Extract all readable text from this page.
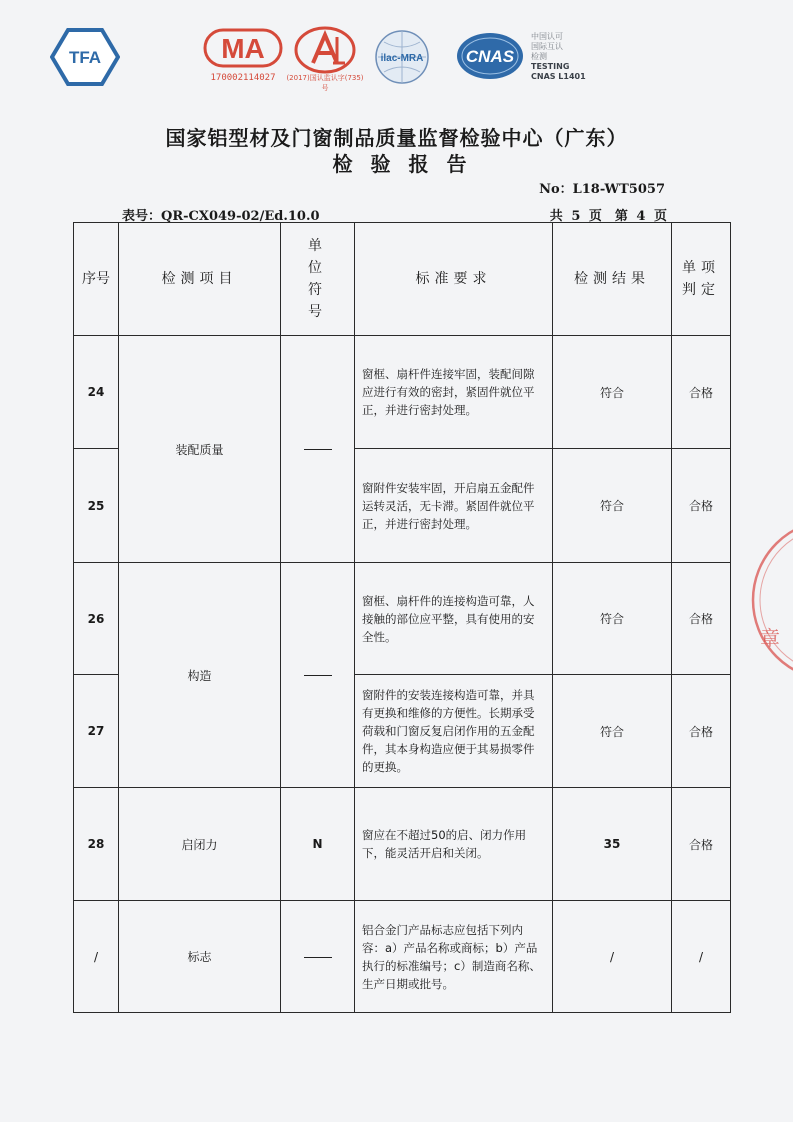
TFA	MA
170002114027	(2017)国认监认字(735)号
ilac-MRA	CNAS
中国认可
国际互认
检测
TESTING
CNAS L1401
国家铝型材及门窗制品质量监督检验中心（广东）
检验报告
No：L18-WT5057
表号：QR-CX049-02/Ed.10.0	共 5 页　第 4 页
序号	检测项目	单位符号	标准要求	检测结果	单项判定
24	装配质量		窗框、扇杆件连接牢固，装配间隙应进行有效的密封，紧固件就位平正，并进行密封处理。	符合	合格
25			窗附件安装牢固，开启扇五金配件运转灵活，无卡滞。紧固件就位平正，并进行密封处理。	符合	合格
26	构造		窗框、扇杆件的连接构造可靠，人接触的部位应平整，具有使用的安全性。	符合	合格
27			窗附件的安装连接构造可靠，并具有更换和维修的方便性。长期承受荷载和门窗反复启闭作用的五金配件，其本身构造应便于其易损零件的更换。	符合	合格
28	启闭力	N	窗应在不超过50的启、闭力作用下，能灵活开启和关闭。	35	合格
/	标志		铝合金门产品标志应包括下列内容：a）产品名称或商标；b）产品执行的标准编号；c）制造商名称、生产日期或批号。	/	/
章
